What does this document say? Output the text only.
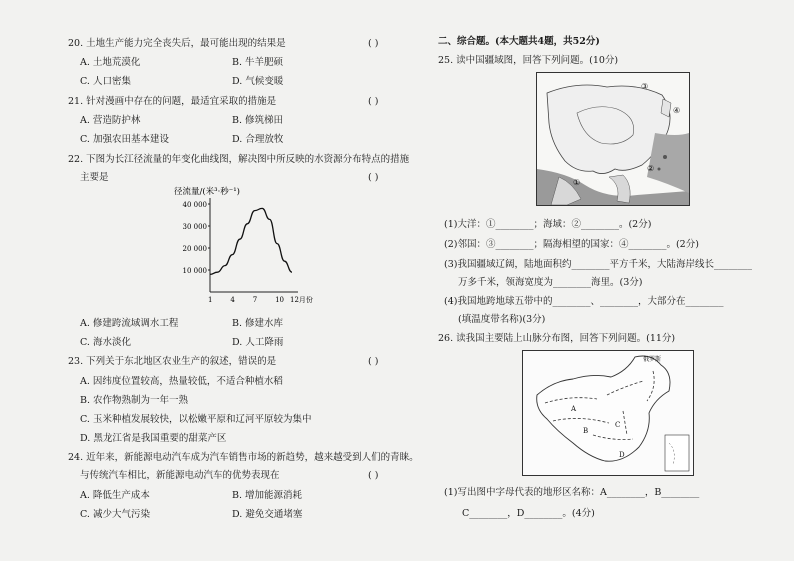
20. 土地生产能力完全丧失后，最可能出现的结果是	( )
A. 土地荒漠化	B. 牛羊肥硕
C. 人口密集	D. 气候变暖
21. 针对漫画中存在的问题，最适宜采取的措施是	( )
A. 营造防护林	B. 修筑梯田
C. 加强农田基本建设	D. 合理放牧
22. 下图为长江径流量的年变化曲线图，解决图中所反映的水资源分布特点的措施
主要是	( )
径流量/(米³·秒⁻¹)
10 000
20 000
30 000
40 000
1	4	7	10 12月份
A. 修建跨流域调水工程	B. 修建水库
C. 海水淡化	D. 人工降雨
23. 下列关于东北地区农业生产的叙述，错误的是	( )
A. 因纬度位置较高，热量较低，不适合种植水稻
B. 农作物熟制为一年一熟
C. 玉米种植发展较快，以松嫩平原和辽河平原较为集中
D. 黑龙江省是我国重要的甜菜产区
24. 近年来，新能源电动汽车成为汽车销售市场的新趋势，越来越受到人们的青睐。
与传统汽车相比，新能源电动汽车的优势表现在	( )
A. 降低生产成本	B. 增加能源消耗
C. 减少大气污染	D. 避免交通堵塞
二、综合题。(本大题共4题，共52分)
25. 读中国疆域图，回答下列问题。(10分)
①
②
③
④
(1)大洋：①________；海域：②________。(2分)
(2)邻国：③________；隔海相望的国家：④________。(2分)
(3)我国疆域辽阔，陆地面积约________平方千米，大陆海岸线长________
万多千米，领海宽度为________海里。(3分)
(4)我国地跨地球五带中的________、________，大部分在________
(填温度带名称)(3分)
26. 读我国主要陆上山脉分布图，回答下列问题。(11分)
俄罗斯
A
B
C
D
(1)写出图中字母代表的地形区名称：A________，B________
C________，D________。(4分)
